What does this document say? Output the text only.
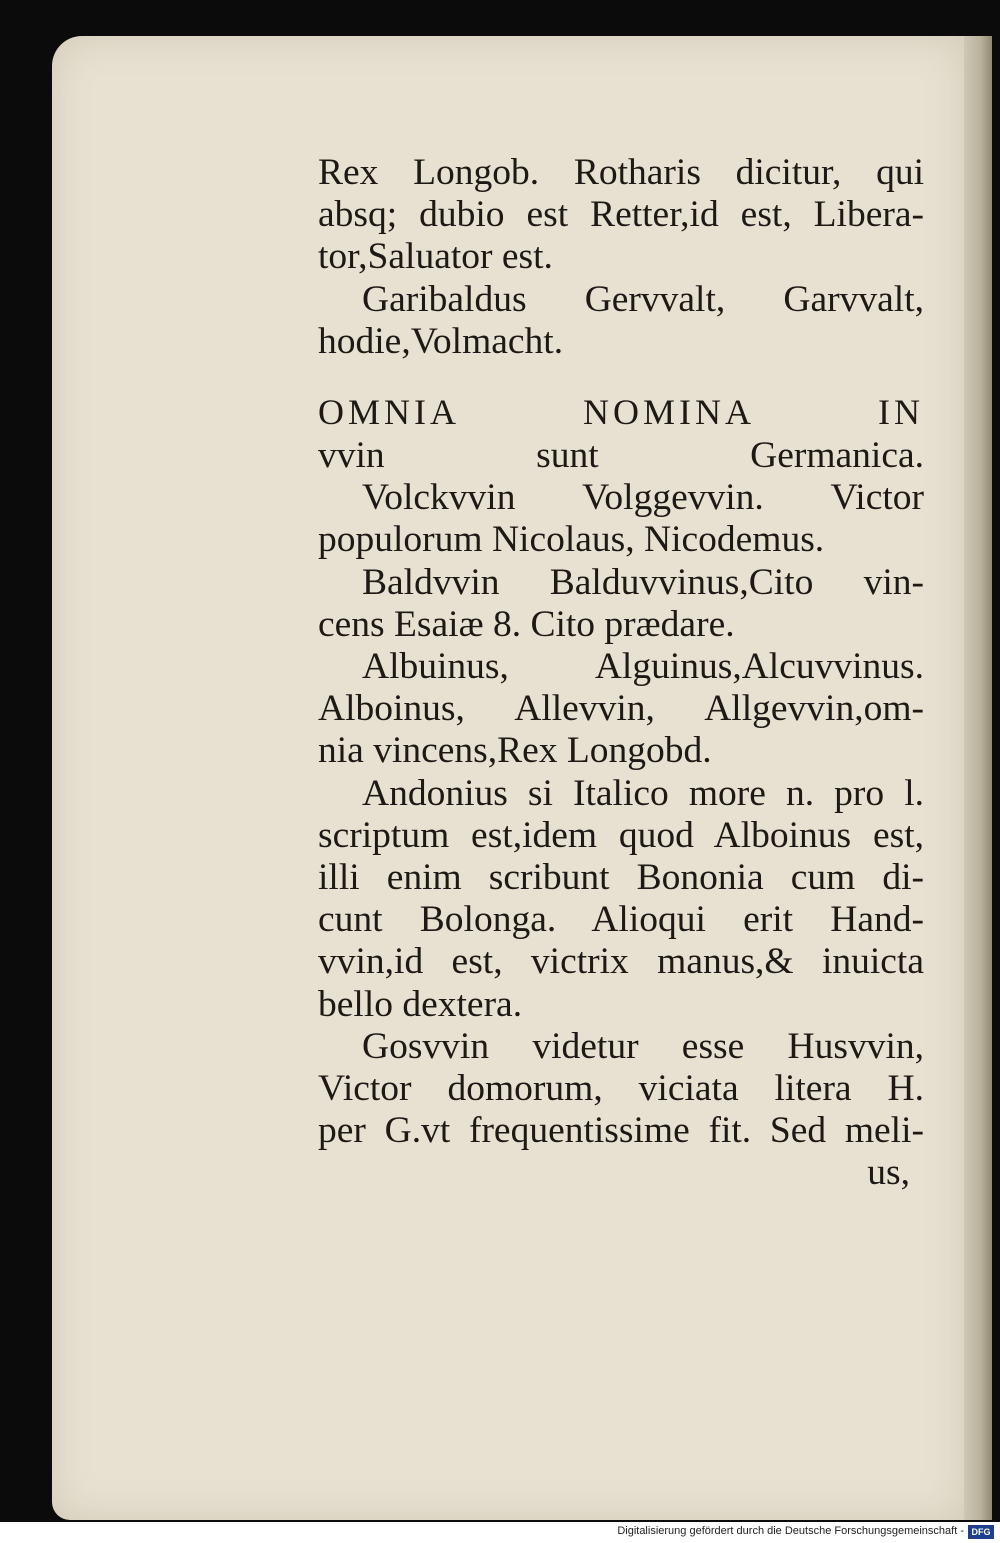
Rex Longob. Rotharis dicitur, qui
absq; dubio est Retter,id est, Libera-
tor,Saluator est.
Garibaldus Gervvalt, Garvvalt,
hodie,Volmacht.
OMNIA NOMINA IN
vvin sunt Germanica.
Volckvvin Volggevvin. Victor
populorum Nicolaus, Nicodemus.
Baldvvin Balduvvinus,Cito vin-
cens Esaiæ 8. Cito prædare.
Albuinus, Alguinus,Alcuvvinus.
Alboinus, Allevvin, Allgevvin,om-
nia vincens,Rex Longobd.
Andonius si Italico more n. pro l.
scriptum est,idem quod Alboinus est,
illi enim scribunt Bononia cum di-
cunt Bolonga. Alioqui erit Hand-
vvin,id est, victrix manus,& inuicta
bello dextera.
Gosvvin videtur esse Husvvin,
Victor domorum, viciata litera H.
per G.vt frequentissime fit. Sed meli-
us,
Digitalisierung gefördert durch die Deutsche Forschungsgemeinschaft - DFG
